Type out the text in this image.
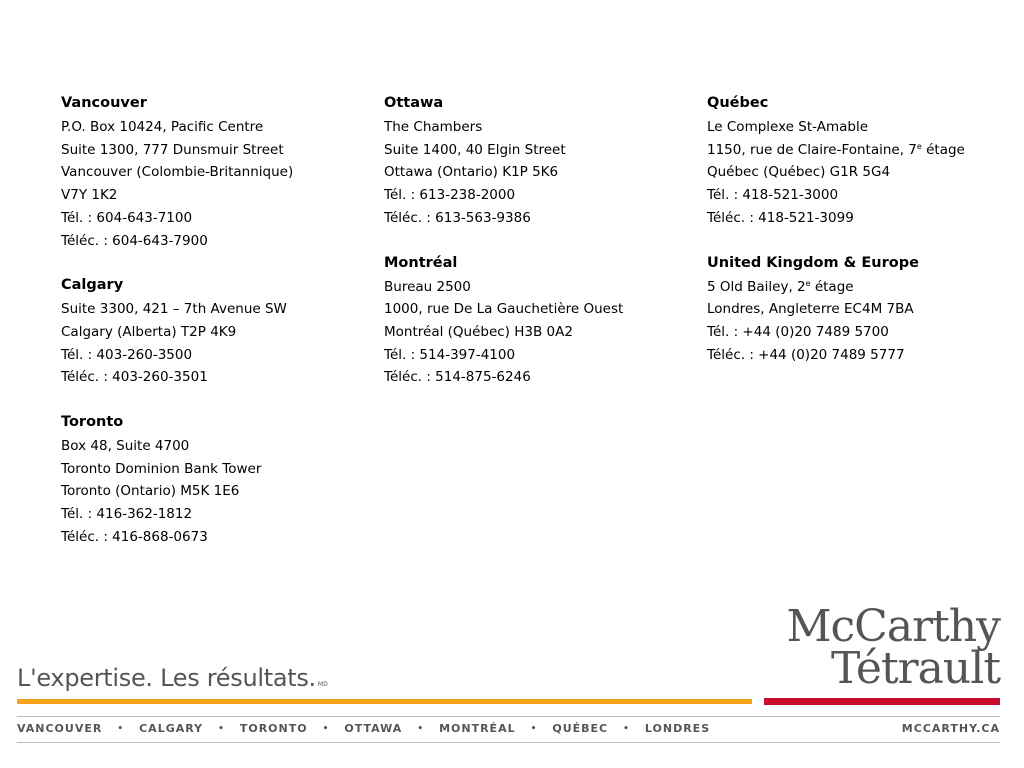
Vancouver
P.O. Box 10424, Pacific Centre
Suite 1300, 777 Dunsmuir Street
Vancouver (Colombie-Britannique)
V7Y 1K2
Tél. : 604-643-7100
Téléc. : 604-643-7900
Calgary
Suite 3300, 421 – 7th Avenue SW
Calgary (Alberta) T2P 4K9
Tél. : 403-260-3500
Téléc. : 403-260-3501
Toronto
Box 48, Suite 4700
Toronto Dominion Bank Tower
Toronto (Ontario) M5K 1E6
Tél. : 416-362-1812
Téléc. : 416-868-0673
Ottawa
The Chambers
Suite 1400, 40 Elgin Street
Ottawa (Ontario) K1P 5K6
Tél. : 613-238-2000
Téléc. : 613-563-9386
Montréal
Bureau 2500
1000, rue De La Gauchetière Ouest
Montréal (Québec) H3B 0A2
Tél. : 514-397-4100
Téléc. : 514-875-6246
Québec
Le Complexe St-Amable
1150, rue de Claire-Fontaine, 7e étage
Québec (Québec) G1R 5G4
Tél. : 418-521-3000
Téléc. : 418-521-3099
United Kingdom & Europe
5 Old Bailey, 2e étage
Londres, Angleterre EC4M 7BA
Tél. : +44 (0)20 7489 5700
Téléc. : +44 (0)20 7489 5777
McCarthy
Tétrault
L'expertise. Les résultats. MD
VANCOUVER • CALGARY • TORONTO • OTTAWA • MONTRÉAL • QUÉBEC • LONDRES	MCCARTHY.CA
